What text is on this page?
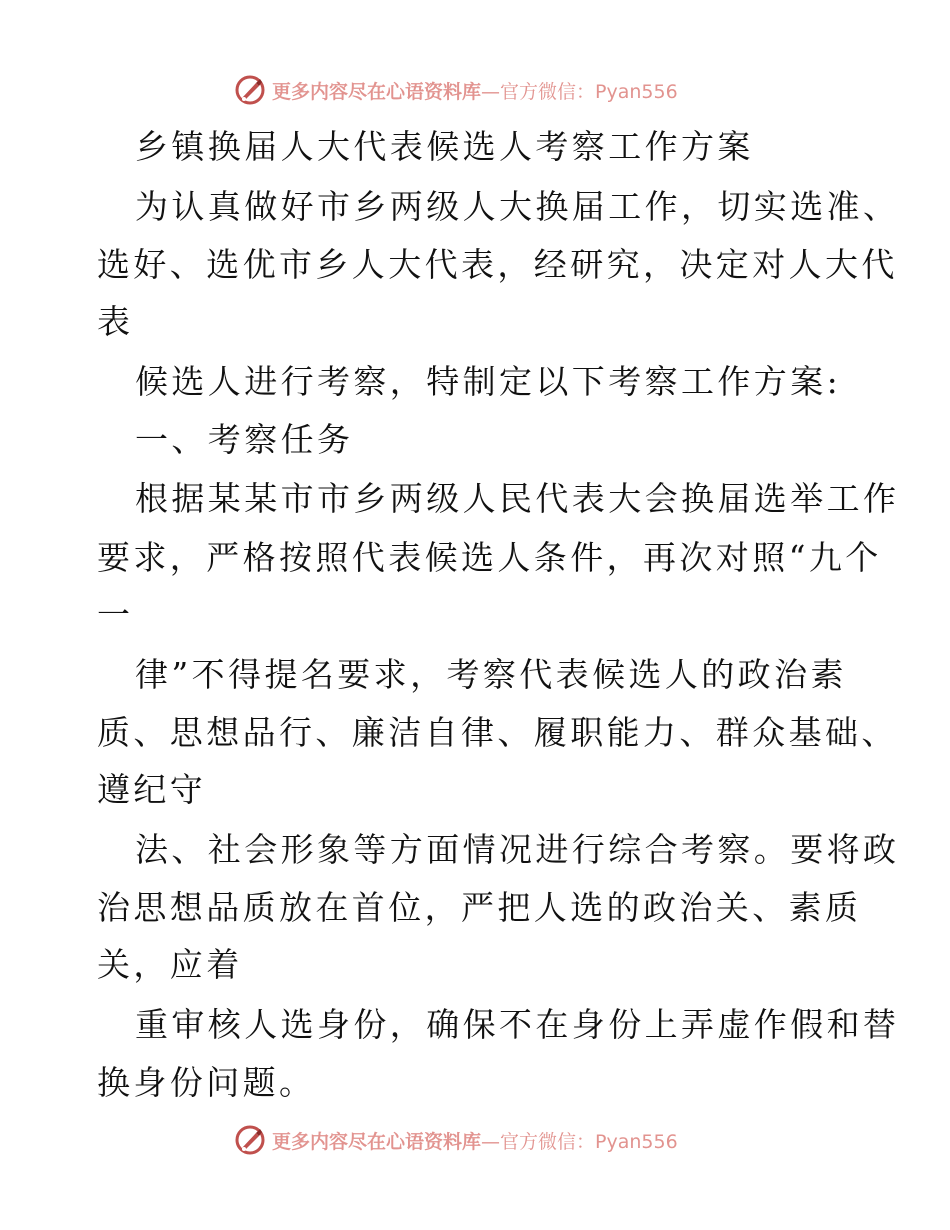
更多内容尽在心语资料库 —官方微信：Pyan556
乡镇换届人大代表候选人考察工作方案
为认真做好市乡两级人大换届工作，切实选准、
选好、选优市乡人大代表，经研究，决定对人大代
表
候选人进行考察，特制定以下考察工作方案:
一、考察任务
根据某某市市乡两级人民代表大会换届选举工作
要求，严格按照代表候选人条件，再次对照“九个
一
律”不得提名要求，考察代表候选人的政治素
质、思想品行、廉洁自律、履职能力、群众基础、
遵纪守
法、社会形象等方面情况进行综合考察。要将政
治思想品质放在首位，严把人选的政治关、素质
关，应着
重审核人选身份，确保不在身份上弄虚作假和替
换身份问题。
更多内容尽在心语资料库 —官方微信：Pyan556
